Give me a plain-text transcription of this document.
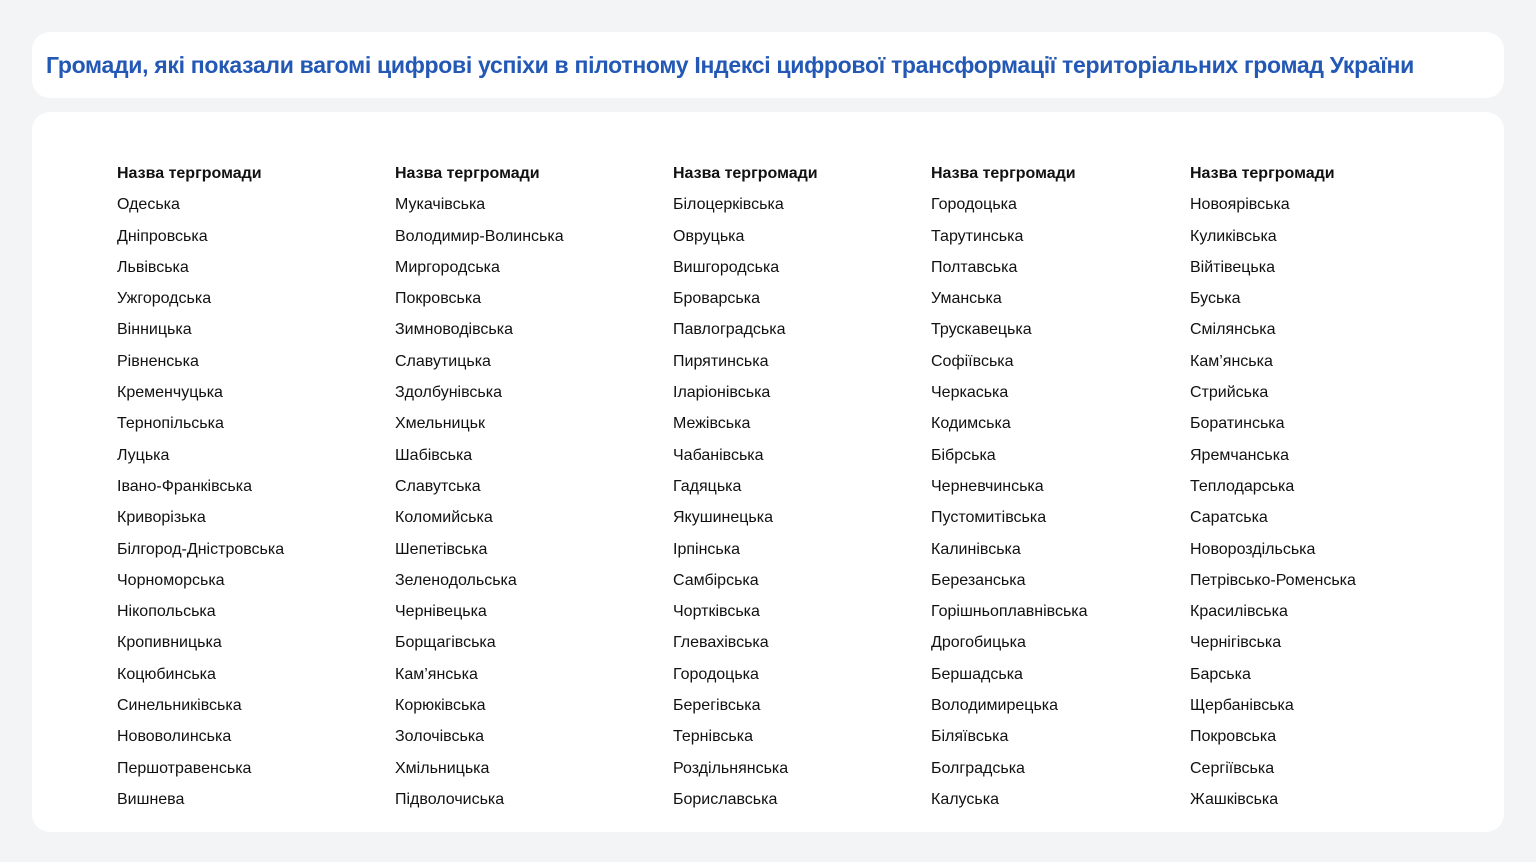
Громади, які показали вагомі цифрові успіхи в пілотному Індексі цифрової трансформації територіальних громад України
Назва тергромади
Одеська
Дніпровська
Львівська
Ужгородська
Вінницька
Рівненська
Кременчуцька
Тернопільська
Луцька
Івано-Франківська
Криворізька
Білгород-Дністровська
Чорноморська
Нікопольська
Кропивницька
Коцюбинська
Синельниківська
Нововолинська
Першотравенська
Вишнева
Назва тергромади
Мукачівська
Володимир-Волинська
Миргородська
Покровська
Зимноводівська
Славутицька
Здолбунівська
Хмельницьк
Шабівська
Славутська
Коломийська
Шепетівська
Зеленодольська
Чернівецька
Борщагівська
Кам’янська
Корюківська
Золочівська
Хмільницька
Підволочиська
Назва тергромади
Білоцерківська
Овруцька
Вишгородська
Броварська
Павлоградська
Пирятинська
Іларіонівська
Межівська
Чабанівська
Гадяцька
Якушинецька
Ірпінська
Самбірська
Чортківська
Глевахівська
Городоцька
Берегівська
Тернівська
Роздільнянська
Бориславська
Назва тергромади
Городоцька
Тарутинська
Полтавська
Уманська
Трускавецька
Софіївська
Черкаська
Кодимська
Бібрська
Черневчинська
Пустомитівська
Калинівська
Березанська
Горішньоплавнівська
Дрогобицька
Бершадська
Володимирецька
Біляївська
Болградська
Калуська
Назва тергромади
Новоярівська
Куликівська
Війтівецька
Буська
Смілянська
Кам’янська
Стрийська
Боратинська
Яремчанська
Теплодарська
Саратська
Новороздільська
Петрівсько-Роменська
Красилівська
Чернігівська
Барська
Щербанівська
Покровська
Сергіївська
Жашківська
